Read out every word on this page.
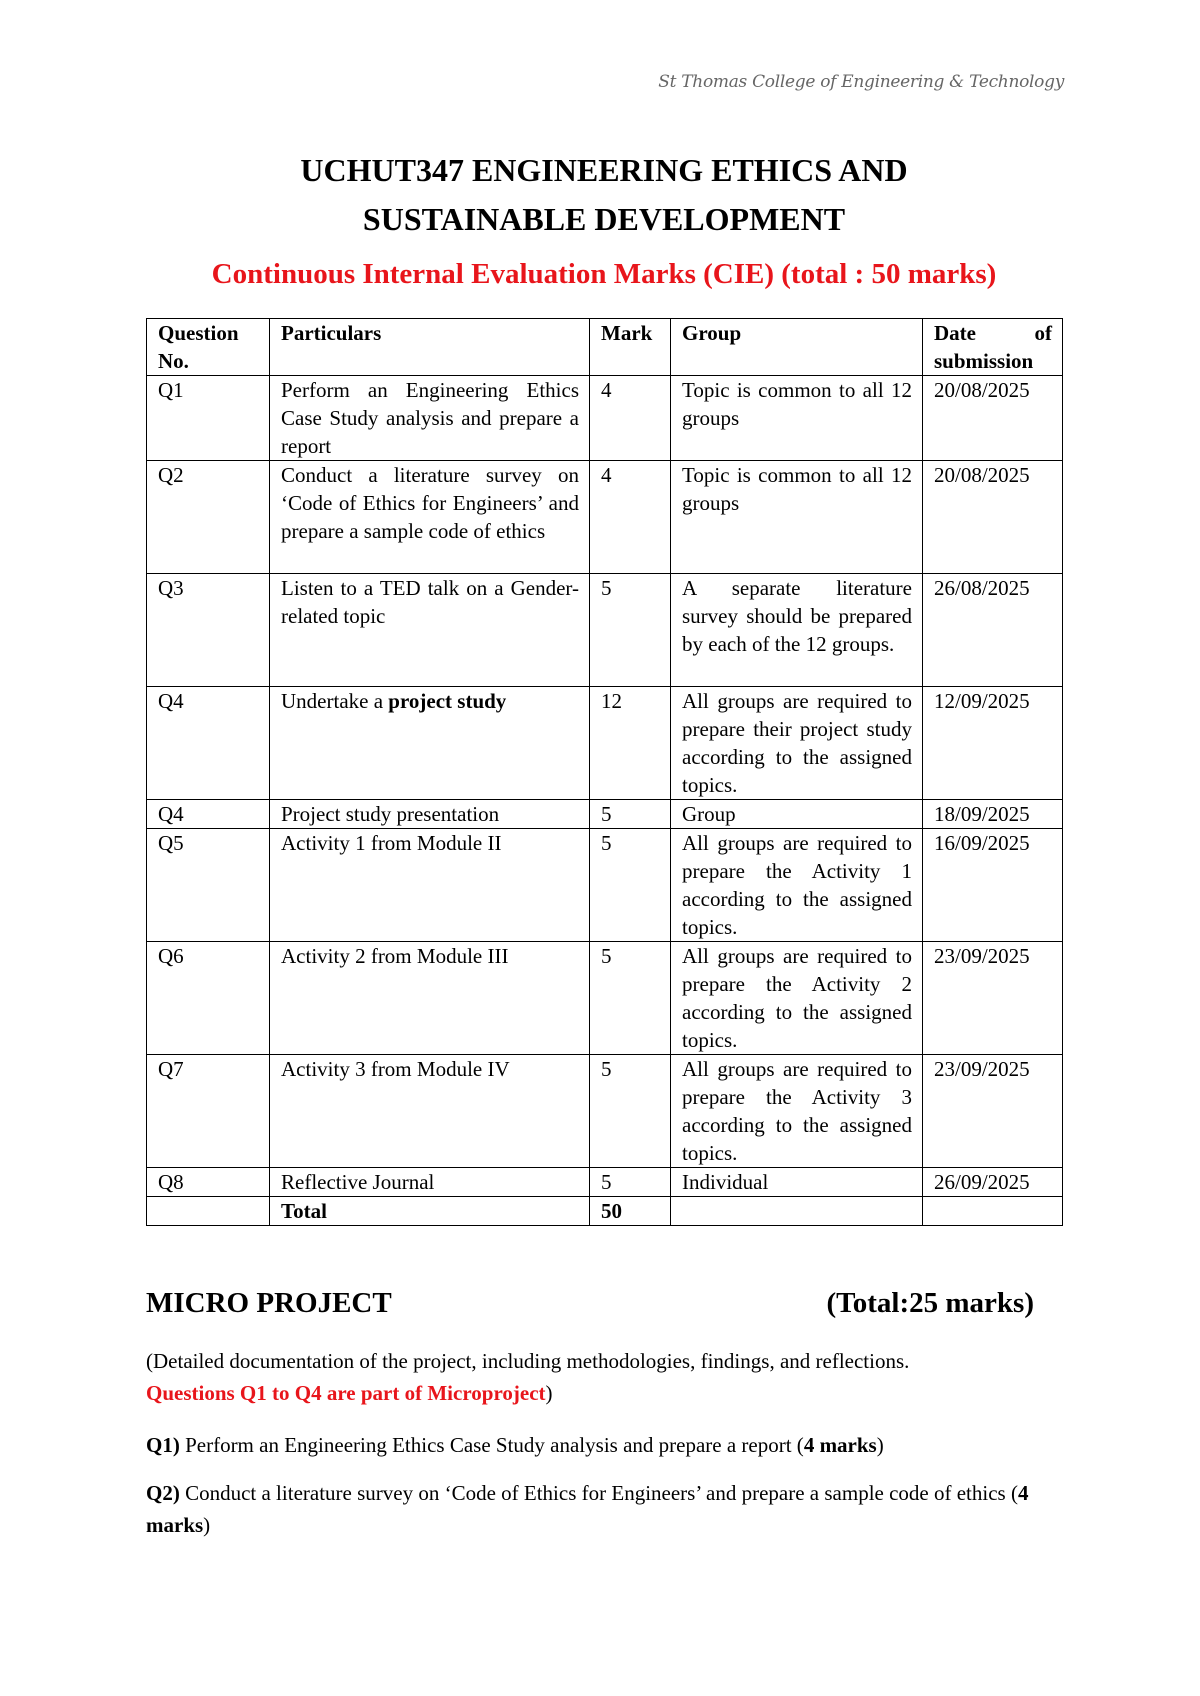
St Thomas College of Engineering & Technology
UCHUT347 ENGINEERING ETHICS AND
SUSTAINABLE DEVELOPMENT
Continuous Internal Evaluation Marks (CIE) (total : 50 marks)
Question No.	Particulars	Mark	Group	Date of submission
Q1	Perform an Engineering Ethics Case Study analysis and prepare a report	4	Topic is common to all 12 groups	20/08/2025
Q2	Conduct a literature survey on ‘Code of Ethics for Engineers’ and prepare a sample code of ethics	4	Topic is common to all 12 groups	20/08/2025
Q3	Listen to a TED talk on a Gender-related topic	5	A separate literature survey should be prepared by each of the 12 groups.	26/08/2025
Q4	Undertake a project study	12	All groups are required to prepare their project study according to the assigned topics.	12/09/2025
Q4	Project study presentation	5	Group	18/09/2025
Q5	Activity 1 from Module II	5	All groups are required to prepare the Activity 1 according to the assigned topics.	16/09/2025
Q6	Activity 2 from Module III	5	All groups are required to prepare the Activity 2 according to the assigned topics.	23/09/2025
Q7	Activity 3 from Module IV	5	All groups are required to prepare the Activity 3 according to the assigned topics.	23/09/2025
Q8	Reflective Journal	5	Individual	26/09/2025
	Total	50		
MICRO PROJECT	(Total:25 marks)
(Detailed documentation of the project, including methodologies, findings, and reflections.
Questions Q1 to Q4 are part of Microproject)
Q1) Perform an Engineering Ethics Case Study analysis and prepare a report (4 marks)
Q2) Conduct a literature survey on ‘Code of Ethics for Engineers’ and prepare a sample code of ethics (4 marks)
